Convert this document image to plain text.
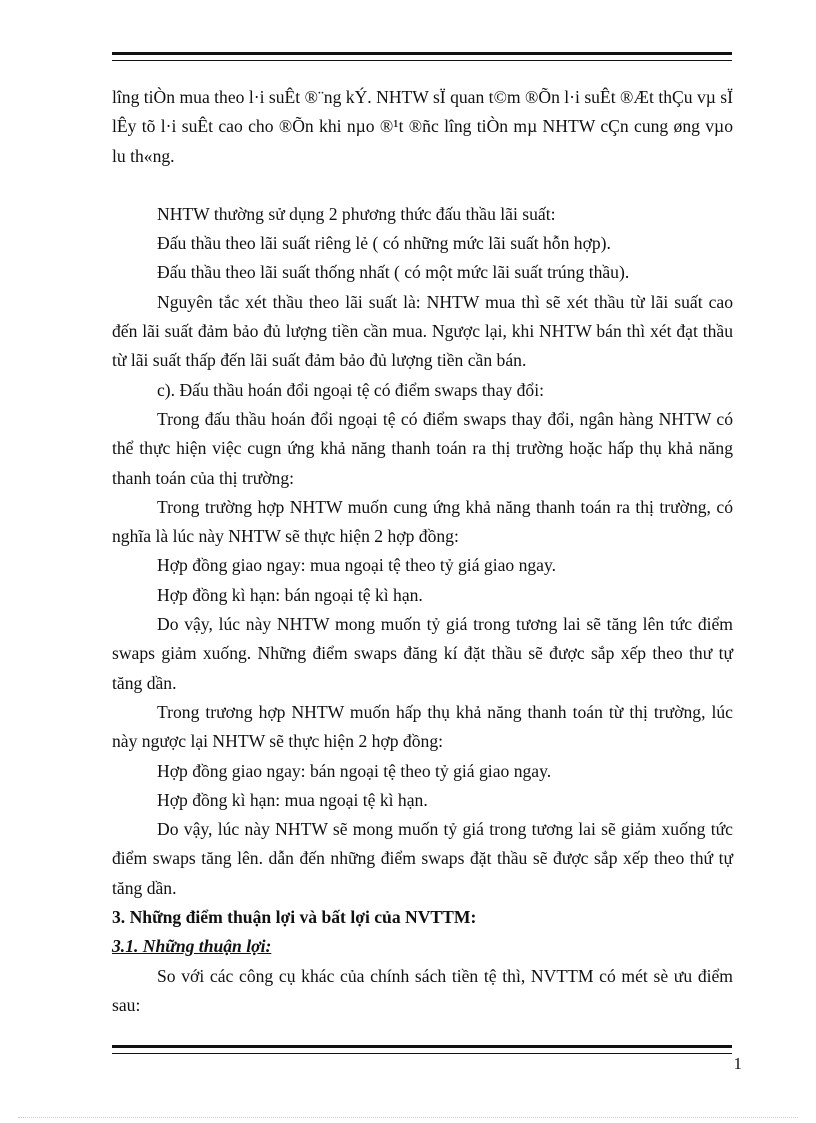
lîng tiÒn mua theo l·i suÊt ®¨ng kÝ. NHTW sÏ quan t©m ®Õn l·i suÊt ®Æt thÇu vµ sÏ lÊy tõ l·i suÊt cao cho ®Õn khi nµo ®¹t ®ñc lîng tiÒn mµ NHTW cÇn cung øng vµo lu th«ng.

NHTW thường sử dụng 2 phương thức đấu thầu lãi suất:

Đấu thầu theo lãi suất riêng lẻ ( có những mức lãi suất hỗn hợp).

Đấu thầu theo lãi suất thống nhất ( có một mức lãi suất trúng thầu).

Nguyên tắc xét thầu theo lãi suất là: NHTW mua thì sẽ xét thầu từ lãi suất cao đến lãi suất đảm bảo đủ lượng tiền cần mua. Ngược lại, khi NHTW bán thì xét đạt thầu từ lãi suất thấp đến lãi suất đảm bảo đủ lượng tiền cần bán.

c). Đấu thầu hoán đổi ngoại tệ có điểm swaps thay đổi:

Trong đấu thầu hoán đổi ngoại tệ có điểm swaps thay đổi, ngân hàng NHTW có thể thực hiện việc cugn ứng khả năng thanh toán ra thị trường hoặc hấp thụ khả năng thanh toán của thị trường:

Trong trường hợp NHTW muốn cung ứng khả năng thanh toán ra thị trường, có nghĩa là lúc này NHTW sẽ thực hiện 2 hợp đồng:

Hợp đồng giao ngay: mua ngoại tệ theo tỷ giá giao ngay.

Hợp đồng kì hạn: bán ngoại tệ kì hạn.

Do vậy, lúc này NHTW mong muốn tỷ giá trong tương lai sẽ tăng lên tức điểm swaps giảm xuống. Những điểm swaps đăng kí đặt thầu sẽ được sắp xếp theo thư tự tăng dần.

Trong trương hợp NHTW muốn hấp thụ khả năng thanh toán từ thị trường, lúc này ngược lại NHTW sẽ thực hiện 2 hợp đồng:

Hợp đồng giao ngay: bán ngoại tệ theo tỷ giá giao ngay.

Hợp đồng kì hạn: mua ngoại tệ kì hạn.

Do vậy, lúc này NHTW sẽ mong muốn tỷ giá trong tương lai sẽ giảm xuống tức điểm swaps tăng lên. dẫn đến những điểm swaps đặt thầu sẽ được sắp xếp theo thứ tự tăng dần.

3. Những điểm thuận lợi và bất lợi của NVTTM:

3.1. Những thuận lợi:

So với các công cụ khác của chính sách tiền tệ thì, NVTTM có mét sè ưu điểm sau:

1
